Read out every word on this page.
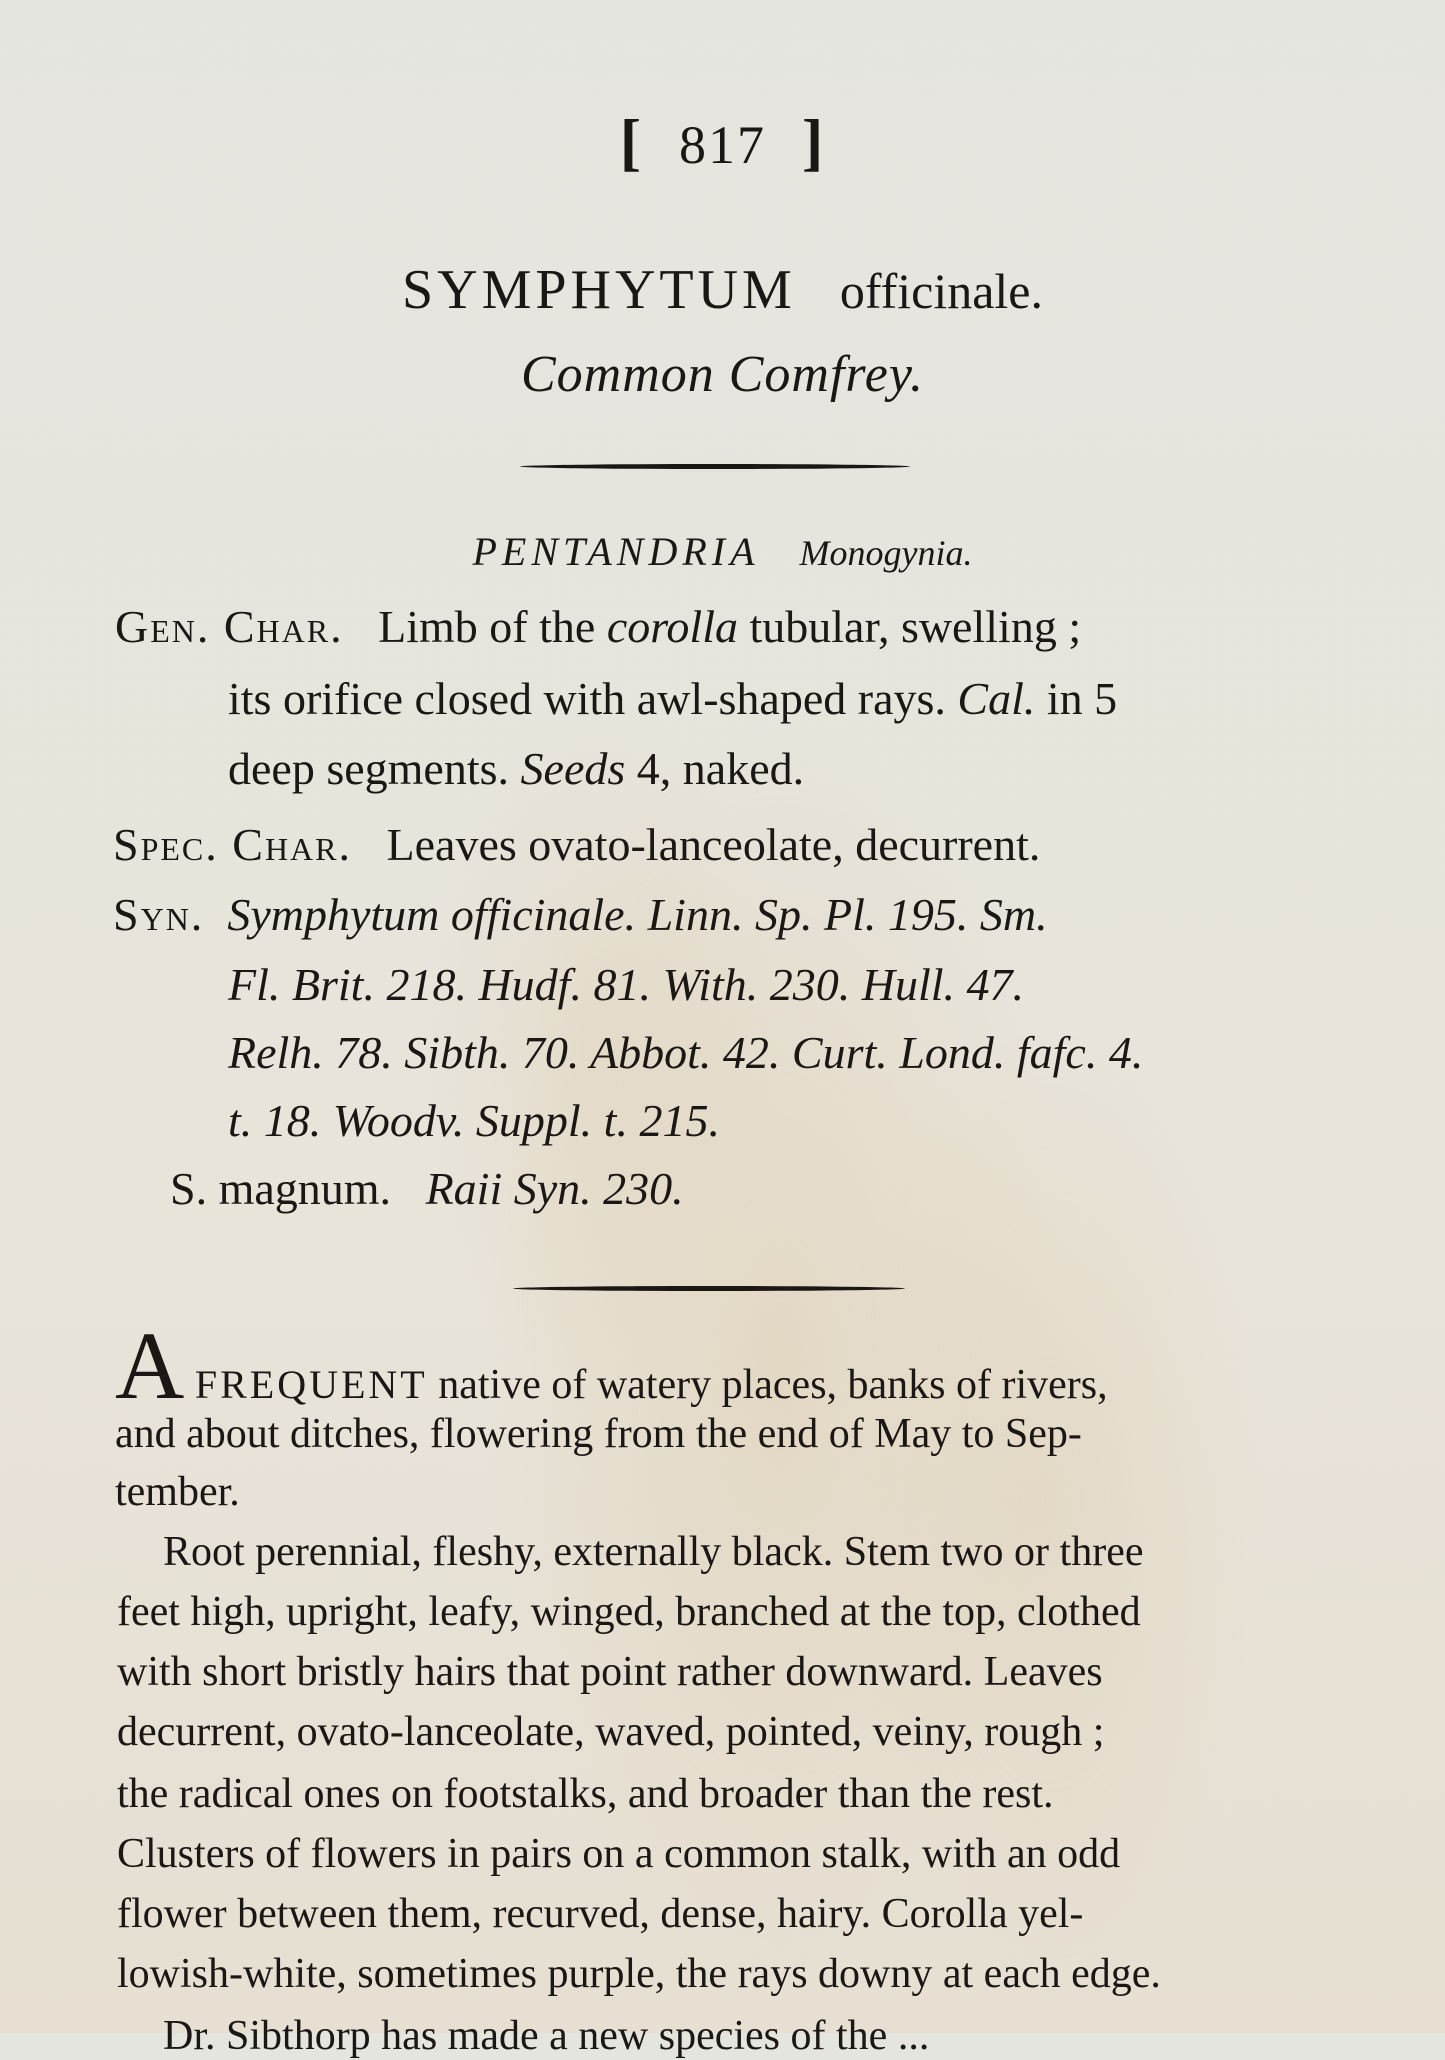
[ 817 ]
SYMPHYTUM officinale.
Common Comfrey.
PENTANDRIA Monogynia.
Gen. Char. Limb of the corolla tubular, swelling ;
its orifice closed with awl-shaped rays. Cal. in 5
deep segments. Seeds 4, naked.
Spec. Char. Leaves ovato-lanceolate, decurrent.
Syn. Symphytum officinale. Linn. Sp. Pl. 195. Sm.
Fl. Brit. 218. Hudf. 81. With. 230. Hull. 47.
Relh. 78. Sibth. 70. Abbot. 42. Curt. Lond. fafc. 4.
t. 18. Woodv. Suppl. t. 215.
S. magnum. Raii Syn. 230.
A FREQUENT native of watery places, banks of rivers,
and about ditches, flowering from the end of May to Sep-
tember.
Root perennial, fleshy, externally black. Stem two or three
feet high, upright, leafy, winged, branched at the top, clothed
with short bristly hairs that point rather downward. Leaves
decurrent, ovato-lanceolate, waved, pointed, veiny, rough ;
the radical ones on footstalks, and broader than the rest.
Clusters of flowers in pairs on a common stalk, with an odd
flower between them, recurved, dense, hairy. Corolla yel-
lowish-white, sometimes purple, the rays downy at each edge.
Dr. Sibthorp has made a new species of the ...
